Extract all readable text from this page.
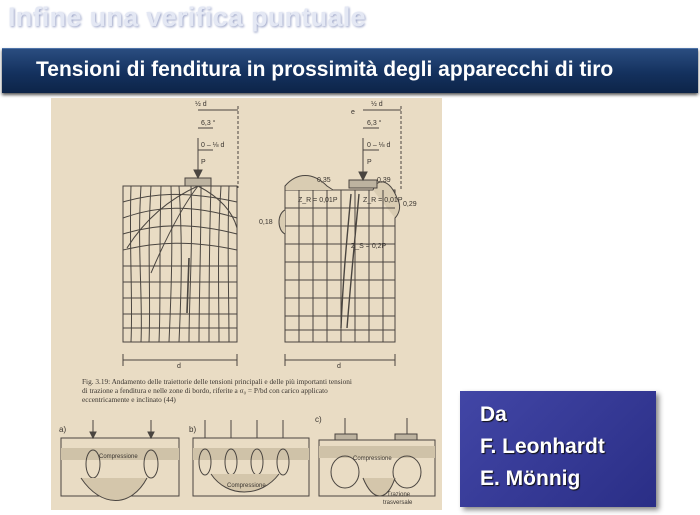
Infine una verifica puntuale
Tensioni di fenditura in prossimità degli apparecchi di tiro
½ d
6,3 °
0 – ⅛ d
P
d
½ d
e
6,3 °
0 – ⅛ d
P
d
0,35	0,39
0,29
0,18
Z_R = 0,01P	Z_R = 0,01P
Z_S = 0,2P
a)	b)
c)
Compressione
Compressione
Compressione
Trazione
trasversale
Fig. 3.19: Andamento delle traiettorie delle tensioni principali e delle più importanti tensioni
di trazione a fenditura e nelle zone di bordo, riferite a σ₀ = P/bd con carico applicato
eccentricamente e inclinato (44)
Da
F. Leonhardt
E. Mönnig
